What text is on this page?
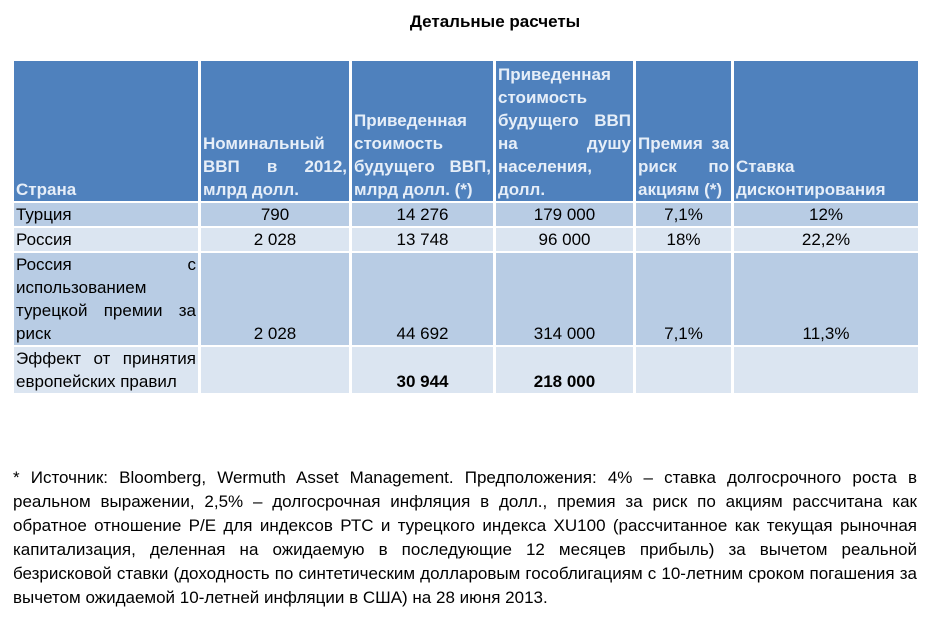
Детальные расчеты
Страна	Номинальный ВВП в 2012, млрд долл.	Приведенная стоимость будущего ВВП, млрд долл. (*)	Приведенная стоимость будущего ВВП на душу населения, долл.	Премия за риск по акциям (*)	Ставка дисконтирования
Турция	790	14 276	179 000	7,1%	12%
Россия	2 028	13 748	96 000	18%	22,2%
Россия с использованием турецкой премии за риск	2 028	44 692	314 000	7,1%	11,3%
Эффект от принятия европейских правил		30 944	218 000		
* Источник: Bloomberg, Wermuth Asset Management. Предположения: 4% – ставка долгосрочного роста в реальном выражении, 2,5% – долгосрочная инфляция в долл., премия за риск по акциям рассчитана как обратное отношение P/E для индексов РТС и турецкого индекса XU100 (рассчитанное как текущая рыночная капитализация, деленная на ожидаемую в последующие 12 месяцев прибыль) за вычетом реальной безрисковой ставки (доходность по синтетическим долларовым гособлигациям с 10-летним сроком погашения за вычетом ожидаемой 10-летней инфляции в США) на 28 июня 2013.
